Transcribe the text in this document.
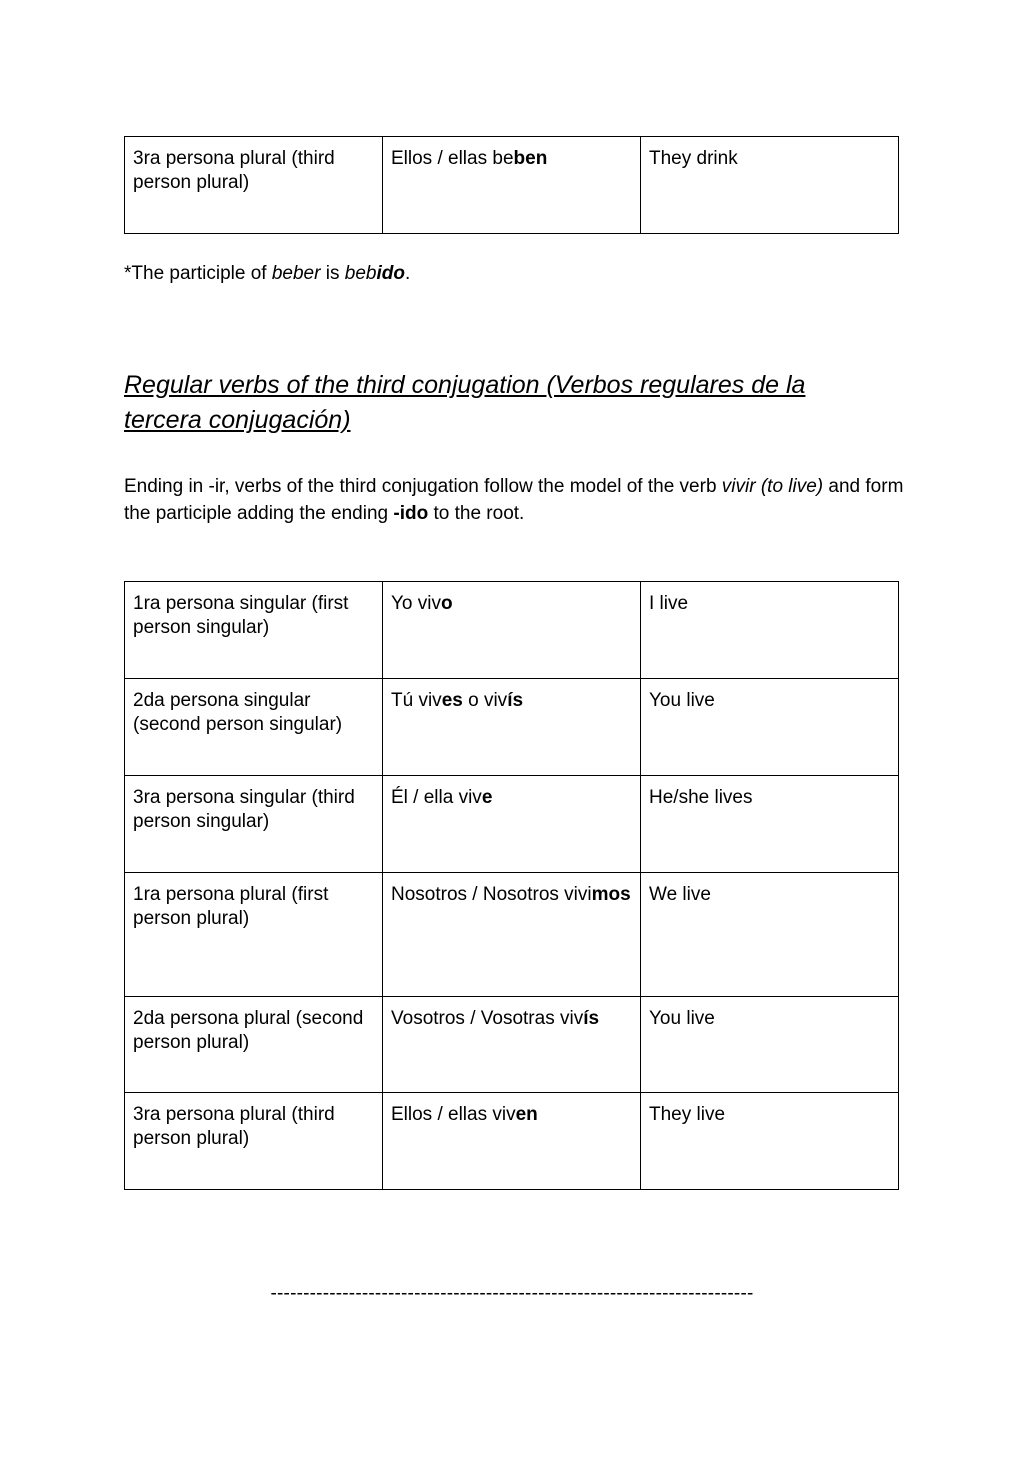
3ra persona plural (third person plural)	Ellos / ellas beben	They drink

*The participle of beber is bebido.

Regular verbs of the third conjugation (Verbos regulares de la tercera conjugación)

Ending in -ir, verbs of the third conjugation follow the model of the verb vivir (to live) and form the participle adding the ending -ido to the root.

1ra persona singular (first person singular)	Yo vivo	I live
2da persona singular (second person singular)	Tú vives o vivís	You live
3ra persona singular (third person singular)	Él / ella vive	He/she lives
1ra persona plural (first person plural)	Nosotros / Nosotros vivimos	We live
2da persona plural (second person plural)	Vosotros / Vosotras vivís	You live
3ra persona plural (third person plural)	Ellos / ellas viven	They live
--------------------------------------------------------------------------
